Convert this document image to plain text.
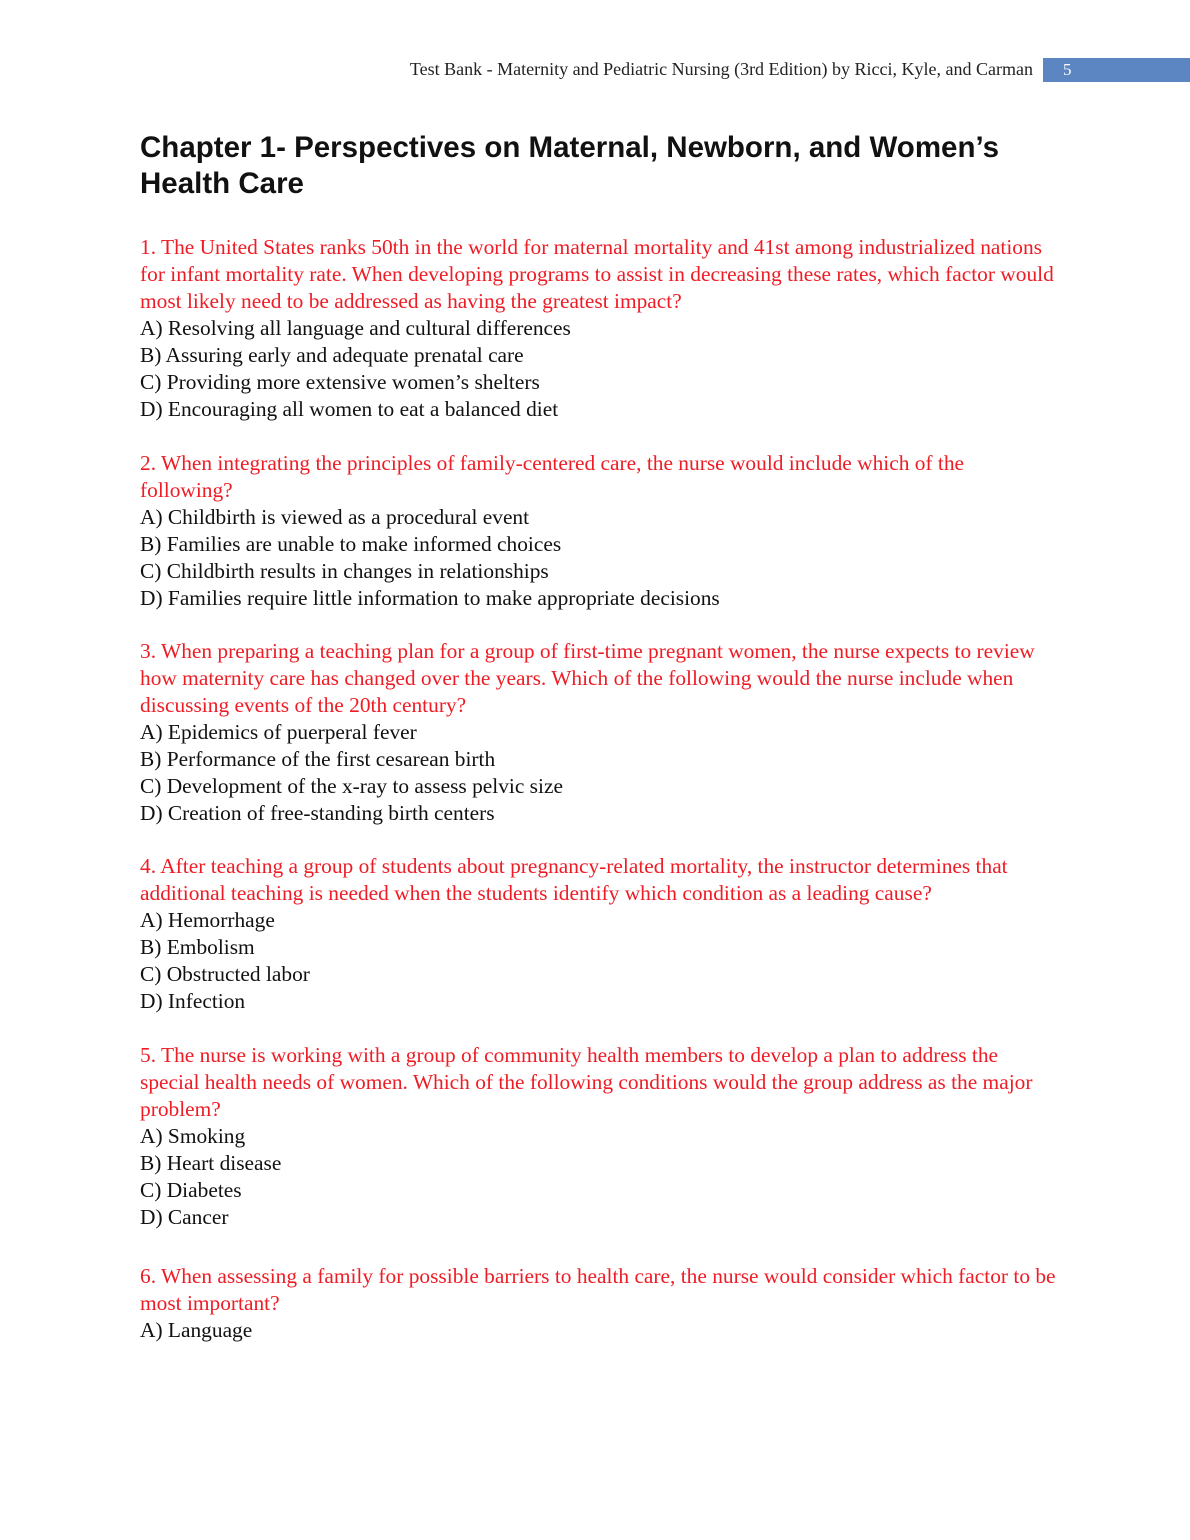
Test Bank - Maternity and Pediatric Nursing (3rd Edition) by Ricci, Kyle, and Carman	5
Chapter 1- Perspectives on Maternal, Newborn, and Women’s Health Care

1. The United States ranks 50th in the world for maternal mortality and 41st among industrialized nations for infant mortality rate. When developing programs to assist in decreasing these rates, which factor would most likely need to be addressed as having the greatest impact?

A) Resolving all language and cultural differences

B) Assuring early and adequate prenatal care

C) Providing more extensive women’s shelters

D) Encouraging all women to eat a balanced diet

2. When integrating the principles of family-centered care, the nurse would include which of the following?

A) Childbirth is viewed as a procedural event

B) Families are unable to make informed choices

C) Childbirth results in changes in relationships

D) Families require little information to make appropriate decisions

3. When preparing a teaching plan for a group of first-time pregnant women, the nurse expects to review how maternity care has changed over the years. Which of the following would the nurse include when discussing events of the 20th century?

A) Epidemics of puerperal fever

B) Performance of the first cesarean birth

C) Development of the x-ray to assess pelvic size

D) Creation of free-standing birth centers

4. After teaching a group of students about pregnancy-related mortality, the instructor determines that additional teaching is needed when the students identify which condition as a leading cause?

A) Hemorrhage

B) Embolism

C) Obstructed labor

D) Infection

5. The nurse is working with a group of community health members to develop a plan to address the special health needs of women. Which of the following conditions would the group address as the major problem?

A) Smoking

B) Heart disease

C) Diabetes

D) Cancer

6. When assessing a family for possible barriers to health care, the nurse would consider which factor to be most important?

A) Language
